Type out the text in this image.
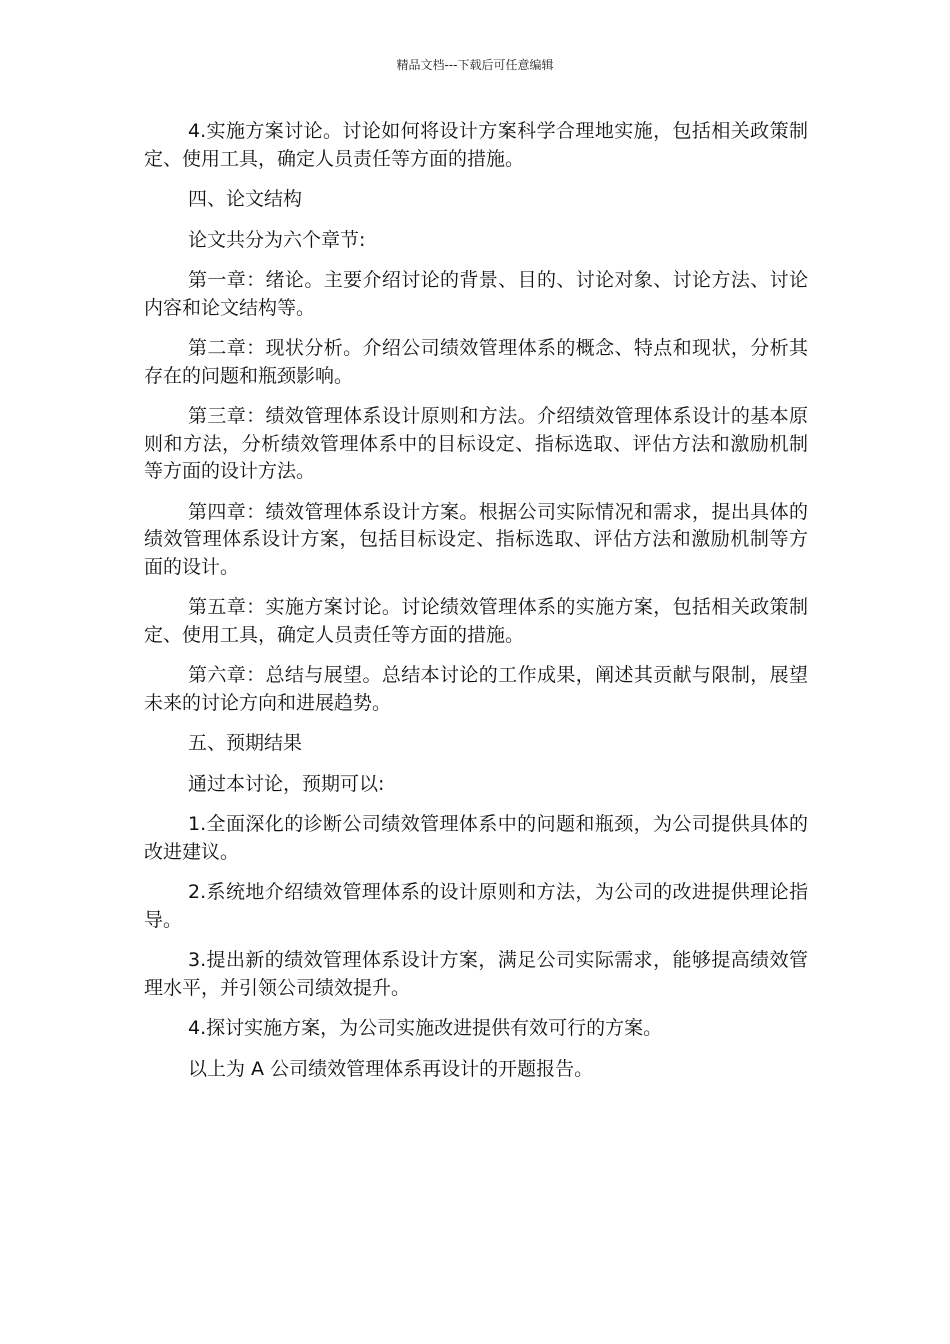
精品文档---下载后可任意编辑

4.实施方案讨论。讨论如何将设计方案科学合理地实施，包括相关政策制定、使用工具，确定人员责任等方面的措施。

四、论文结构

论文共分为六个章节:

第一章：绪论。主要介绍讨论的背景、目的、讨论对象、讨论方法、讨论内容和论文结构等。

第二章：现状分析。介绍公司绩效管理体系的概念、特点和现状，分析其存在的问题和瓶颈影响。

第三章：绩效管理体系设计原则和方法。介绍绩效管理体系设计的基本原则和方法，分析绩效管理体系中的目标设定、指标选取、评估方法和激励机制等方面的设计方法。

第四章：绩效管理体系设计方案。根据公司实际情况和需求，提出具体的绩效管理体系设计方案，包括目标设定、指标选取、评估方法和激励机制等方面的设计。

第五章：实施方案讨论。讨论绩效管理体系的实施方案，包括相关政策制定、使用工具，确定人员责任等方面的措施。

第六章：总结与展望。总结本讨论的工作成果，阐述其贡献与限制，展望未来的讨论方向和进展趋势。

五、预期结果

通过本讨论，预期可以:

1.全面深化的诊断公司绩效管理体系中的问题和瓶颈，为公司提供具体的改进建议。

2.系统地介绍绩效管理体系的设计原则和方法，为公司的改进提供理论指导。

3.提出新的绩效管理体系设计方案，满足公司实际需求，能够提高绩效管理水平，并引领公司绩效提升。

4.探讨实施方案，为公司实施改进提供有效可行的方案。

以上为 A 公司绩效管理体系再设计的开题报告。
